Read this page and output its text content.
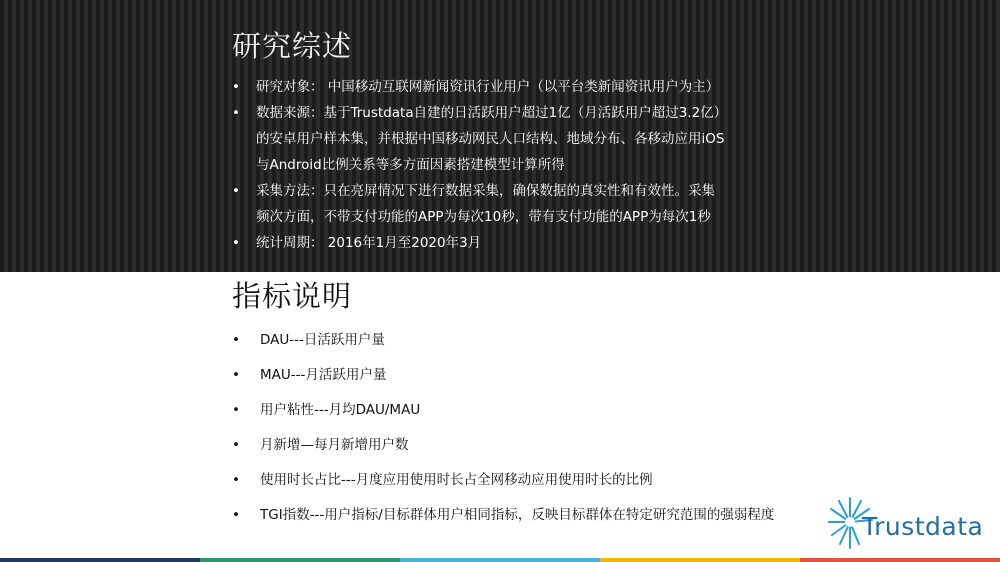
研究综述
• 研究对象： 中国移动互联网新闻资讯行业用户（以平台类新闻资讯用户为主）
• 数据来源：基于Trustdata自建的日活跃用户超过1亿（月活跃用户超过3.2亿）
的安卓用户样本集，并根据中国移动网民人口结构、地域分布、各移动应用iOS
与Android比例关系等多方面因素搭建模型计算所得
• 采集方法：只在亮屏情况下进行数据采集，确保数据的真实性和有效性。采集
频次方面，不带支付功能的APP为每次10秒，带有支付功能的APP为每次1秒
• 统计周期： 2016年1月至2020年3月
指标说明
• DAU---日活跃用户量
• MAU---月活跃用户量
• 用户粘性---月均DAU/MAU
• 月新增—每月新增用户数
• 使用时长占比---月度应用使用时长占全网移动应用使用时长的比例
• TGI指数---用户指标/目标群体用户相同指标，反映目标群体在特定研究范围的强弱程度	Trustdata
